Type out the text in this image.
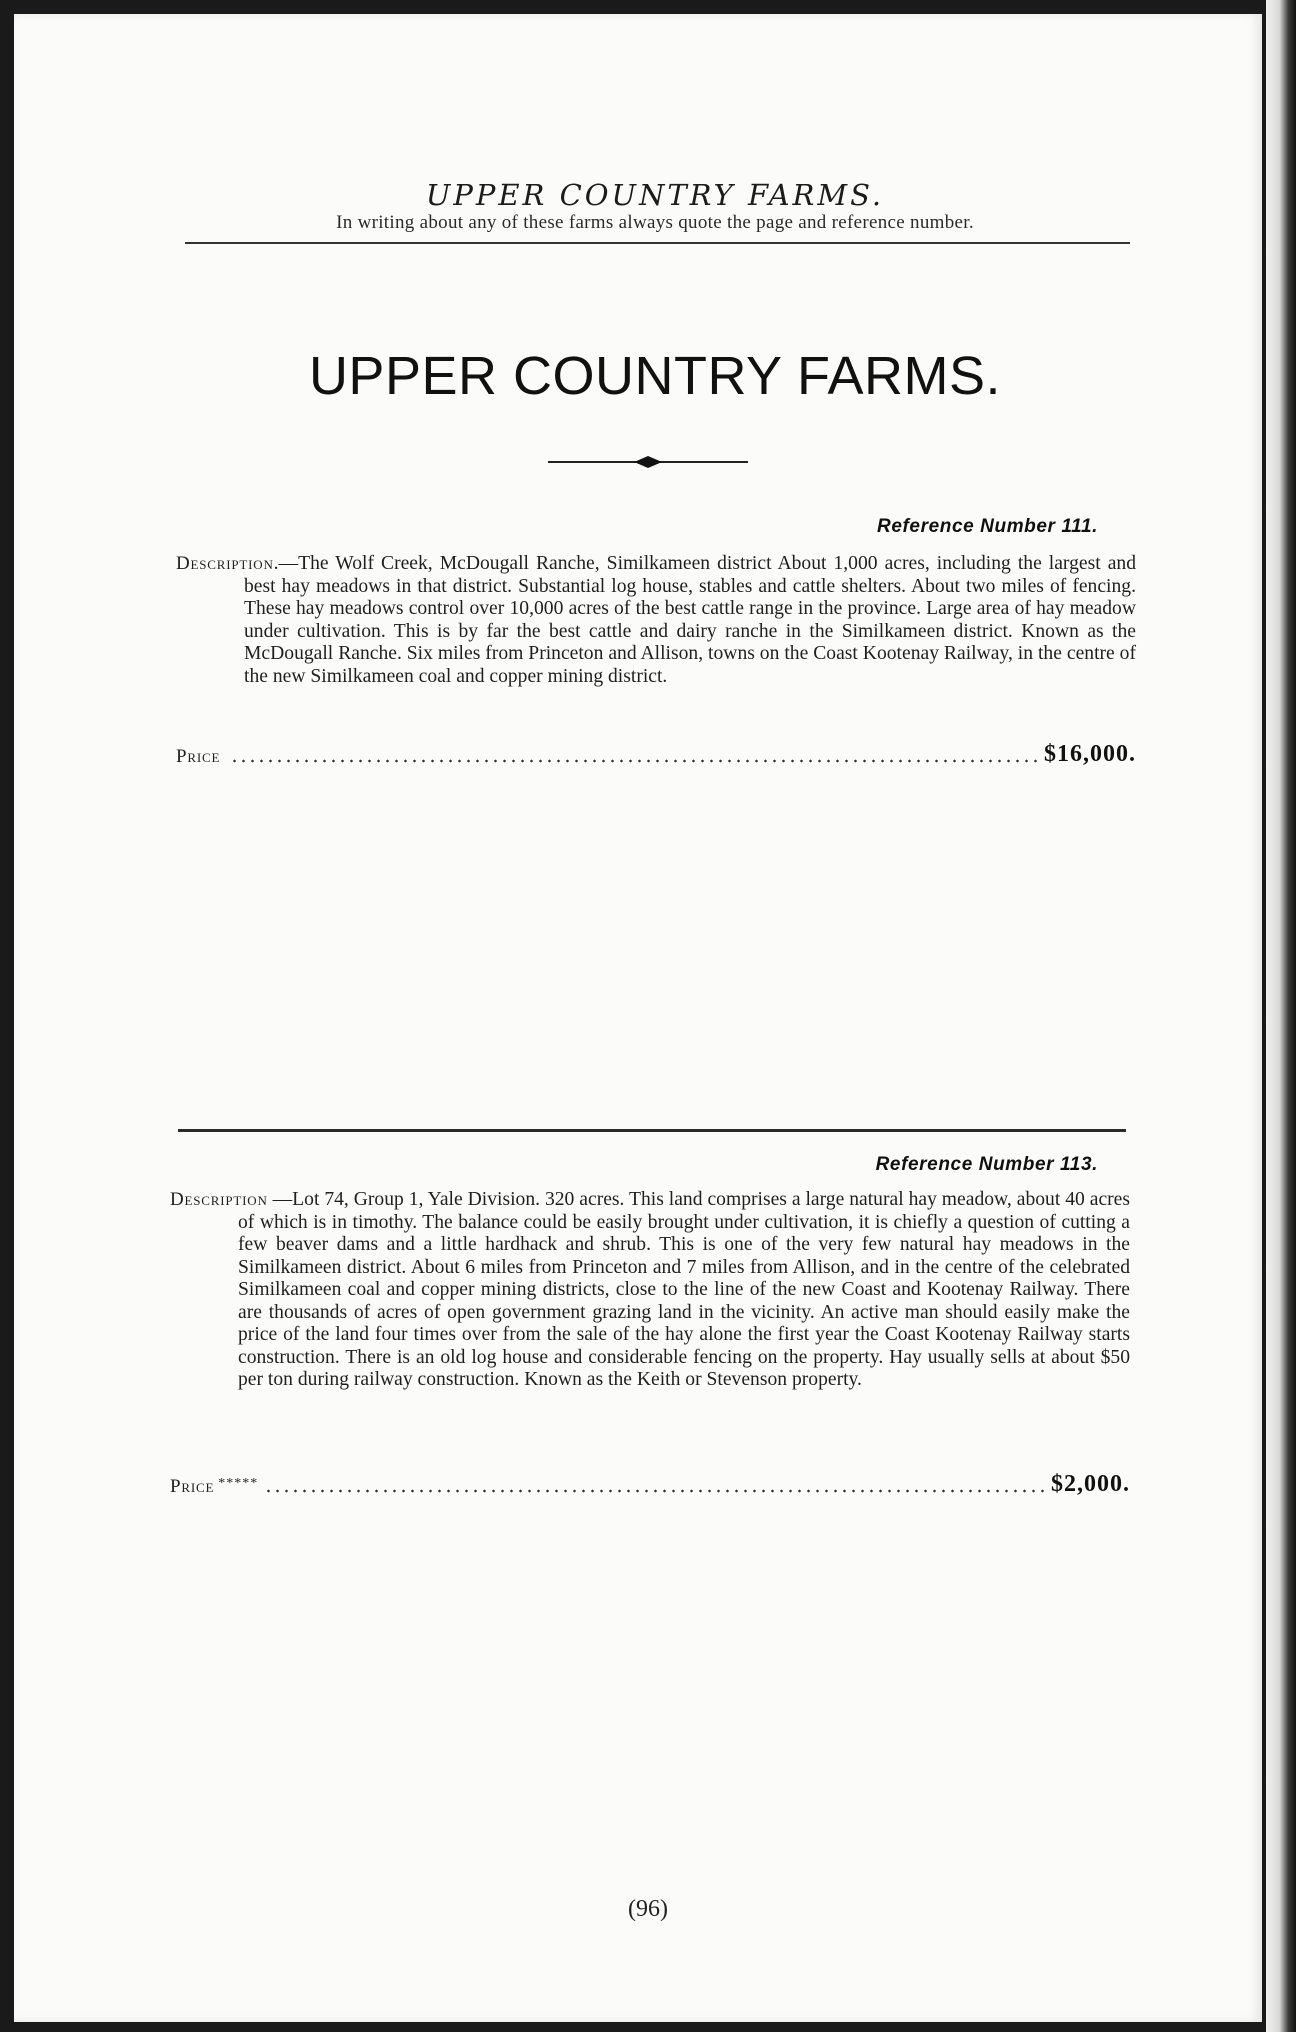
UPPER COUNTRY FARMS.
In writing about any of these farms always quote the page and reference number.
UPPER COUNTRY FARMS.
Reference Number 111.
Description.—The Wolf Creek, McDougall Ranche, Similkameen district About 1,000 acres, including the largest and best hay meadows in that district. Substantial log house, stables and cattle shelters. About two miles of fencing. These hay meadows control over 10,000 acres of the best cattle range in the province. Large area of hay meadow under cultivation. This is by far the best cattle and dairy ranche in the Similkameen district. Known as the McDougall Ranche. Six miles from Princeton and Allison, towns on the Coast Kootenay Railway, in the centre of the new Similkameen coal and copper mining district.
Price	$16,000.
Reference Number 113.
Description —Lot 74, Group 1, Yale Division. 320 acres. This land comprises a large natural hay meadow, about 40 acres of which is in timothy. The balance could be easily brought under cultivation, it is chiefly a question of cutting a few beaver dams and a little hardhack and shrub. This is one of the very few natural hay meadows in the Similkameen district. About 6 miles from Princeton and 7 miles from Allison, and in the centre of the celebrated Similkameen coal and copper mining districts, close to the line of the new Coast and Kootenay Railway. There are thousands of acres of open government grazing land in the vicinity. An active man should easily make the price of the land four times over from the sale of the hay alone the first year the Coast Kootenay Railway starts construction. There is an old log house and considerable fencing on the property. Hay usually sells at about $50 per ton during railway construction. Known as the Keith or Stevenson property.
Price *****	$2,000.
(96)
